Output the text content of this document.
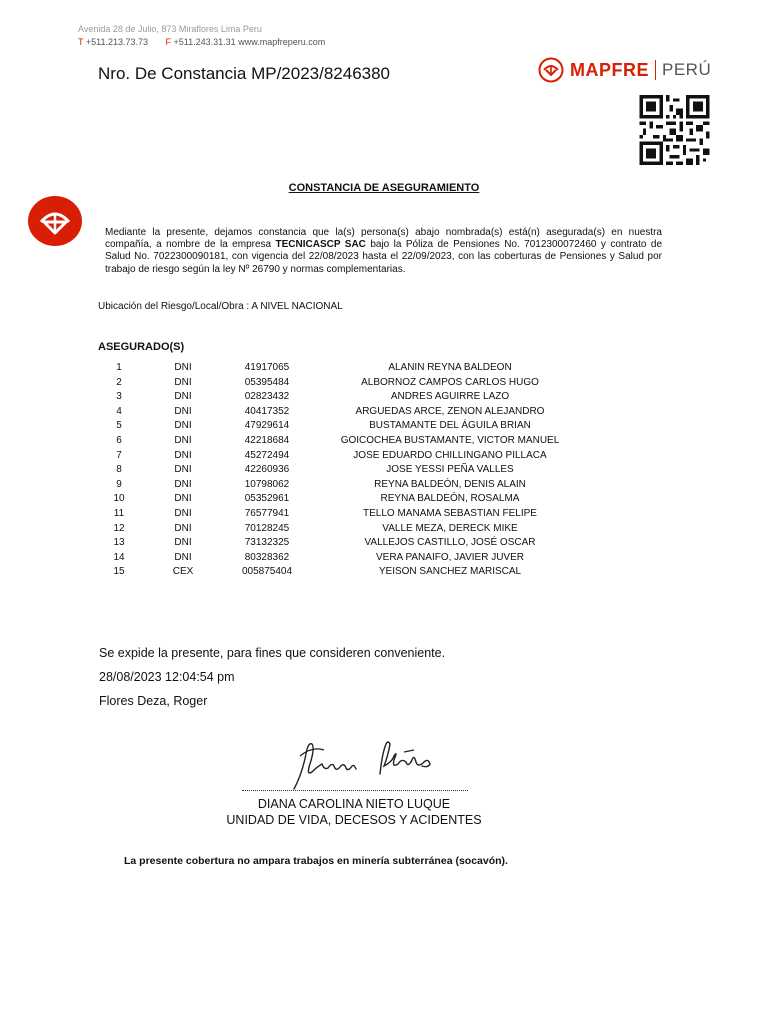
Avenida 28 de Julio, 873 Miraflores Lima Peru
T +511.213.73.73 F +511.243.31.31 www.mapfreperu.com
Nro. De Constancia MP/2023/8246380	MAPFRE PERÚ
CONSTANCIA DE ASEGURAMIENTO
Mediante la presente, dejamos constancia que la(s) persona(s) abajo nombrada(s) está(n) asegurada(s) en nuestra compañía, a nombre de la empresa TECNICASCP SAC bajo la Póliza de Pensiones No. 7012300072460 y contrato de Salud No. 7022300090181, con vigencia del 22/08/2023 hasta el 22/09/2023, con las coberturas de Pensiones y Salud por trabajo de riesgo según la ley Nº 26790 y normas complementarias.
Ubicación del Riesgo/Local/Obra : A NIVEL NACIONAL
ASEGURADO(S)
1	DNI	41917065	ALANIN REYNA BALDEON
2	DNI	05395484	ALBORNOZ CAMPOS CARLOS HUGO
3	DNI	02823432	ANDRES AGUIRRE LAZO
4	DNI	40417352	ARGUEDAS ARCE, ZENON ALEJANDRO
5	DNI	47929614	BUSTAMANTE DEL ÁGUILA BRIAN
6	DNI	42218684	GOICOCHEA BUSTAMANTE, VICTOR MANUEL
7	DNI	45272494	JOSE EDUARDO CHILLINGANO PILLACA
8	DNI	42260936	JOSE YESSI PEÑA VALLES
9	DNI	10798062	REYNA BALDEÓN, DENIS ALAIN
10	DNI	05352961	REYNA BALDEÓN, ROSALMA
11	DNI	76577941	TELLO MANAMA SEBASTIAN FELIPE
12	DNI	70128245	VALLE MEZA, DERECK MIKE
13	DNI	73132325	VALLEJOS CASTILLO, JOSÉ OSCAR
14	DNI	80328362	VERA PANAIFO, JAVIER JUVER
15	CEX	005875404	YEISON SANCHEZ MARISCAL
Se expide la presente, para fines que consideren conveniente.
28/08/2023 12:04:54 pm
Flores Deza, Roger
DIANA CAROLINA NIETO LUQUE
UNIDAD DE VIDA, DECESOS Y ACIDENTES
La presente cobertura no ampara trabajos en minería subterránea (socavón).
